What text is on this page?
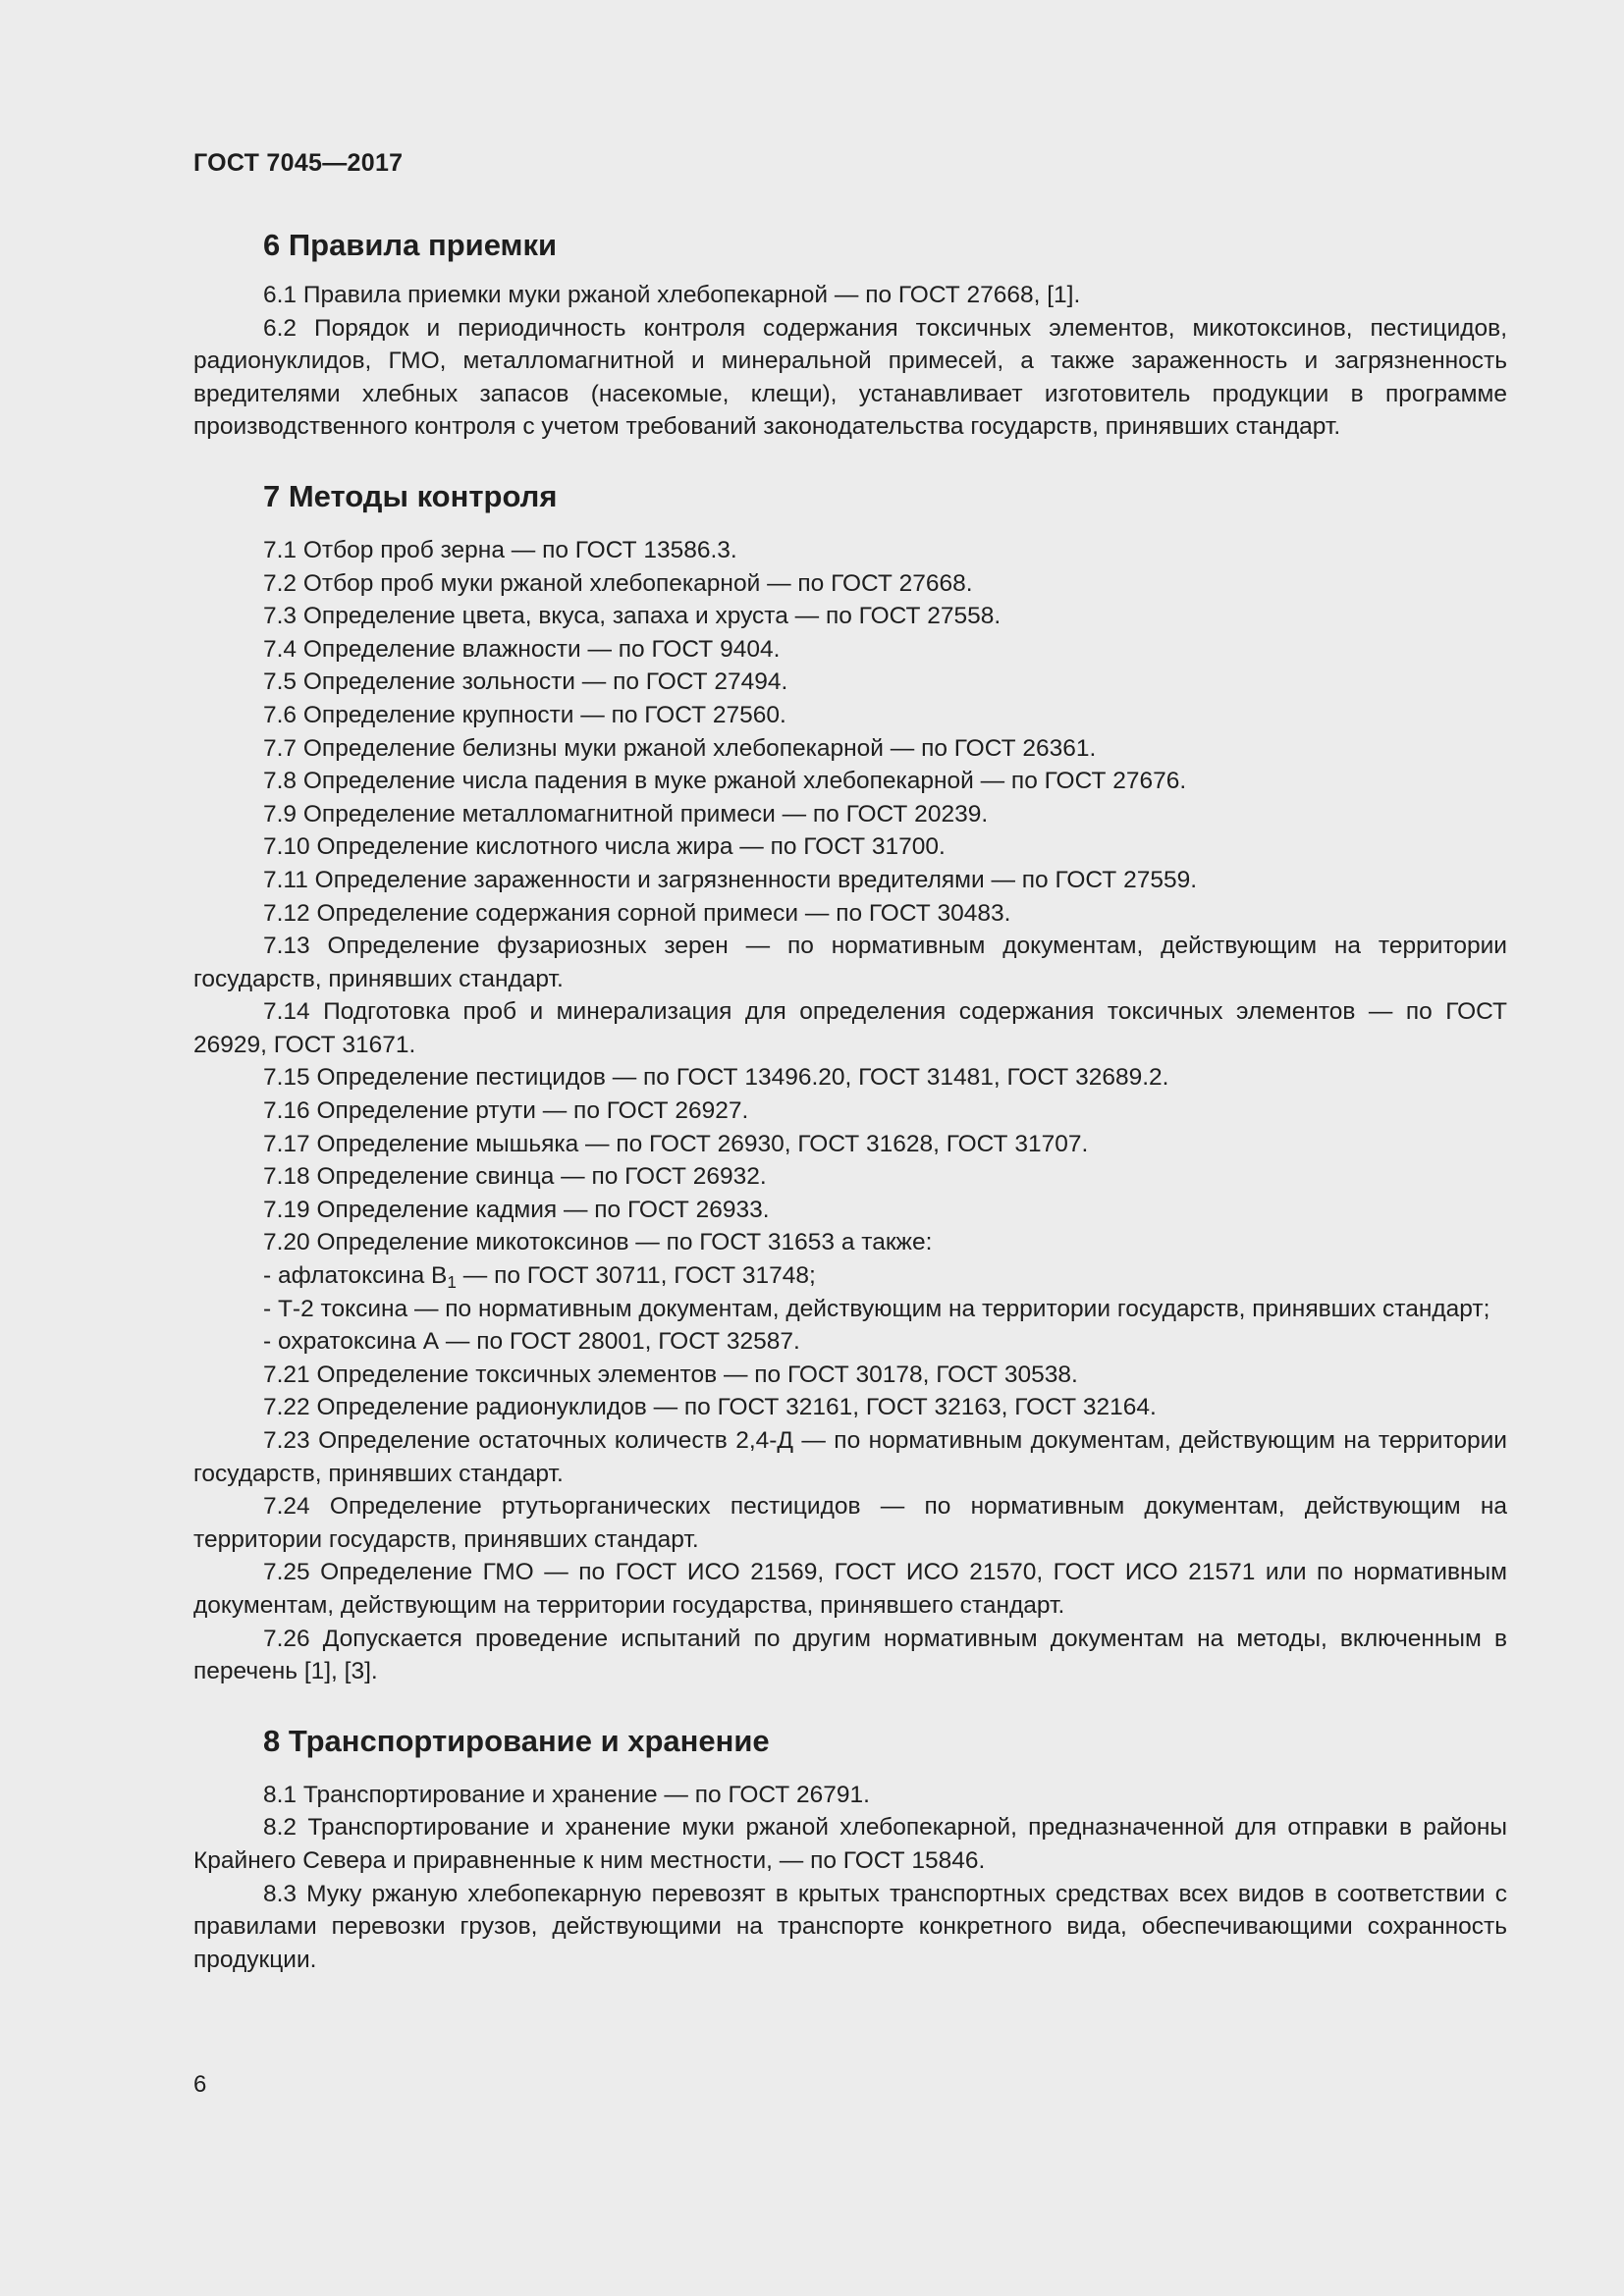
ГОСТ 7045—2017
6 Правила приемки

6.1 Правила приемки муки ржаной хлебопекарной — по ГОСТ 27668, [1].

6.2 Порядок и периодичность контроля содержания токсичных элементов, микотоксинов, пестицидов, радионуклидов, ГМО, металломагнитной и минеральной примесей, а также зараженность и загрязненность вредителями хлебных запасов (насекомые, клещи), устанавливает изготовитель продукции в программе производственного контроля с учетом требований законодательства государств, принявших стандарт.

7 Методы контроля

7.1 Отбор проб зерна — по ГОСТ 13586.3.

7.2 Отбор проб муки ржаной хлебопекарной — по ГОСТ 27668.

7.3 Определение цвета, вкуса, запаха и хруста — по ГОСТ 27558.

7.4 Определение влажности — по ГОСТ 9404.

7.5 Определение зольности — по ГОСТ 27494.

7.6 Определение крупности — по ГОСТ 27560.

7.7 Определение белизны муки ржаной хлебопекарной — по ГОСТ 26361.

7.8 Определение числа падения в муке ржаной хлебопекарной — по ГОСТ 27676.

7.9 Определение металломагнитной примеси — по ГОСТ 20239.

7.10 Определение кислотного числа жира — по ГОСТ 31700.

7.11 Определение зараженности и загрязненности вредителями — по ГОСТ 27559.

7.12 Определение содержания сорной примеси — по ГОСТ 30483.

7.13 Определение фузариозных зерен — по нормативным документам, действующим на территории государств, принявших стандарт.

7.14 Подготовка проб и минерализация для определения содержания токсичных элементов — по ГОСТ 26929, ГОСТ 31671.

7.15 Определение пестицидов — по ГОСТ 13496.20, ГОСТ 31481, ГОСТ 32689.2.

7.16 Определение ртути — по ГОСТ 26927.

7.17 Определение мышьяка — по ГОСТ 26930, ГОСТ 31628, ГОСТ 31707.

7.18 Определение свинца — по ГОСТ 26932.

7.19 Определение кадмия — по ГОСТ 26933.

7.20 Определение микотоксинов — по ГОСТ 31653 а также:

- афлатоксина $B_1$ — по ГОСТ 30711, ГОСТ 31748;

- Т-2 токсина — по нормативным документам, действующим на территории государств, принявших стандарт;

- охратоксина А — по ГОСТ 28001, ГОСТ 32587.

7.21 Определение токсичных элементов — по ГОСТ 30178, ГОСТ 30538.

7.22 Определение радионуклидов — по ГОСТ 32161, ГОСТ 32163, ГОСТ 32164.

7.23 Определение остаточных количеств 2,4-Д — по нормативным документам, действующим на территории государств, принявших стандарт.

7.24 Определение ртутьорганических пестицидов — по нормативным документам, действующим на территории государств, принявших стандарт.

7.25 Определение ГМО — по ГОСТ ИСО 21569, ГОСТ ИСО 21570, ГОСТ ИСО 21571 или по нормативным документам, действующим на территории государства, принявшего стандарт.

7.26 Допускается проведение испытаний по другим нормативным документам на методы, включенным в перечень [1], [3].

8 Транспортирование и хранение

8.1 Транспортирование и хранение — по ГОСТ 26791.

8.2 Транспортирование и хранение муки ржаной хлебопекарной, предназначенной для отправки в районы Крайнего Севера и приравненные к ним местности, — по ГОСТ 15846.

8.3 Муку ржаную хлебопекарную перевозят в крытых транспортных средствах всех видов в соответствии с правилами перевозки грузов, действующими на транспорте конкретного вида, обеспечивающими сохранность продукции.

6
